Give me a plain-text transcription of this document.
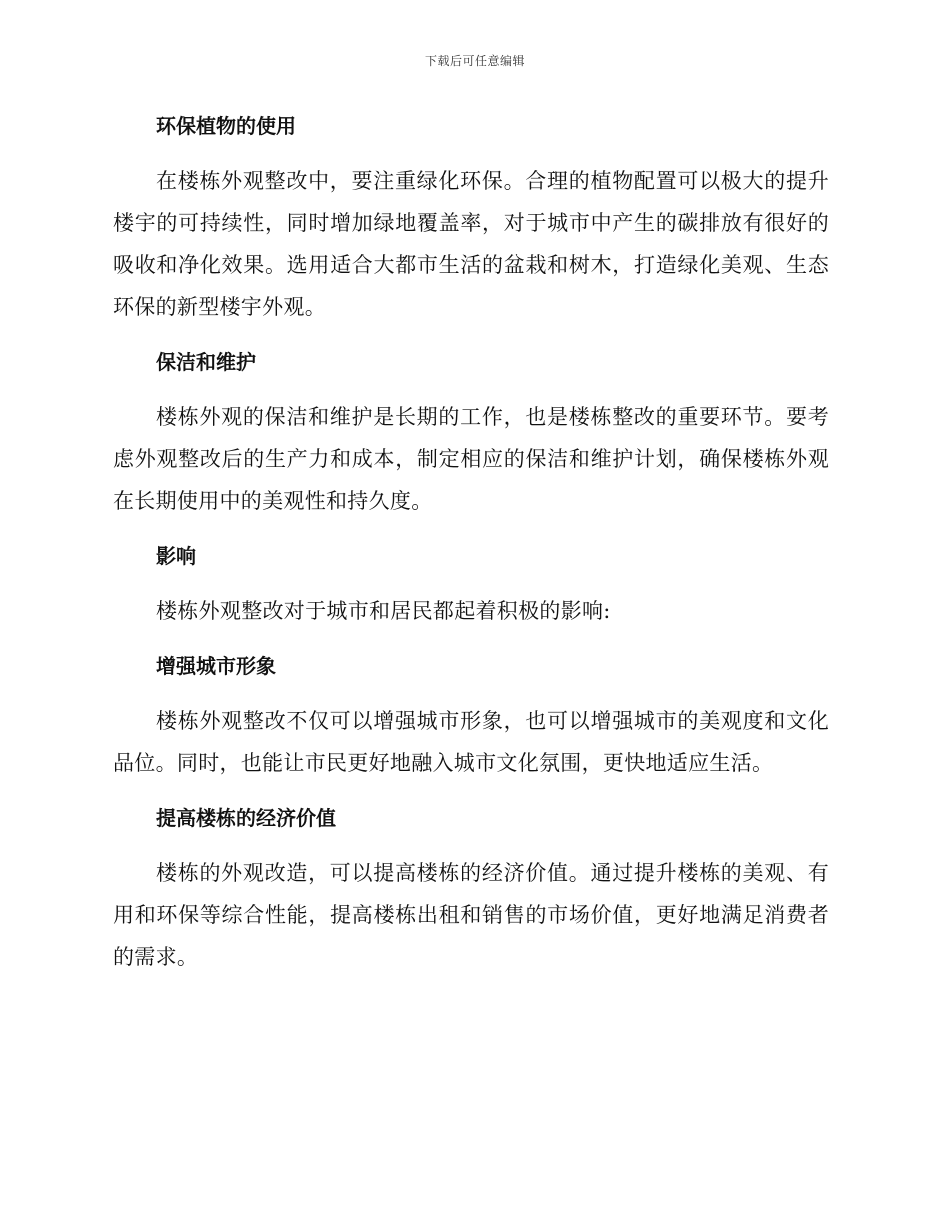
下载后可任意编辑
环保植物的使用

在楼栋外观整改中，要注重绿化环保。合理的植物配置可以极大的提升楼宇的可持续性，同时增加绿地覆盖率，对于城市中产生的碳排放有很好的吸收和净化效果。选用适合大都市生活的盆栽和树木，打造绿化美观、生态环保的新型楼宇外观。

保洁和维护

楼栋外观的保洁和维护是长期的工作，也是楼栋整改的重要环节。要考虑外观整改后的生产力和成本，制定相应的保洁和维护计划，确保楼栋外观在长期使用中的美观性和持久度。

影响

楼栋外观整改对于城市和居民都起着积极的影响:

增强城市形象

楼栋外观整改不仅可以增强城市形象，也可以增强城市的美观度和文化品位。同时，也能让市民更好地融入城市文化氛围，更快地适应生活。

提高楼栋的经济价值

楼栋的外观改造，可以提高楼栋的经济价值。通过提升楼栋的美观、有用和环保等综合性能，提高楼栋出租和销售的市场价值，更好地满足消费者的需求。
